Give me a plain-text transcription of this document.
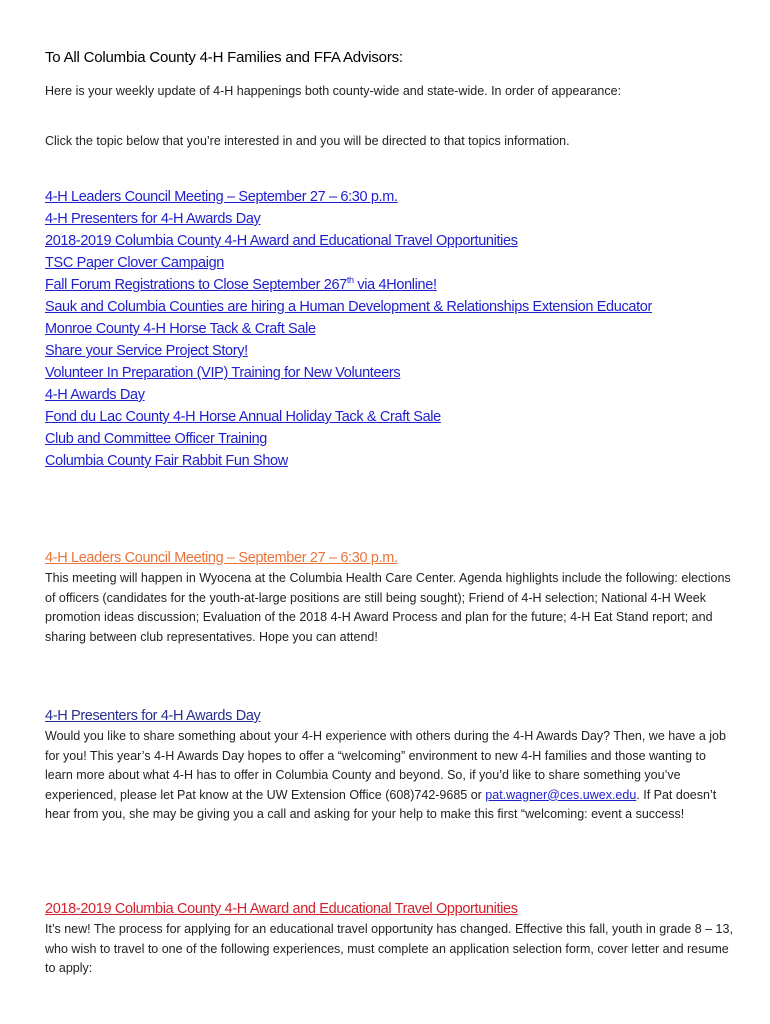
To All Columbia County 4-H Families and FFA Advisors:

Here is your weekly update of 4-H happenings both county-wide and state-wide. In order of appearance:

Click the topic below that you’re interested in and you will be directed to that topics information.

4-H Leaders Council Meeting – September 27 – 6:30 p.m.
4-H Presenters for 4-H Awards Day
2018-2019 Columbia County 4-H Award and Educational Travel Opportunities
TSC Paper Clover Campaign
Fall Forum Registrations to Close September 267th via 4Honline!
Sauk and Columbia Counties are hiring a Human Development & Relationships Extension Educator
Monroe County 4-H Horse Tack & Craft Sale
Share your Service Project Story!
Volunteer In Preparation (VIP) Training for New Volunteers
4-H Awards Day
Fond du Lac County 4-H Horse Annual Holiday Tack & Craft Sale
Club and Committee Officer Training
Columbia County Fair Rabbit Fun Show
4-H Leaders Council Meeting – September 27 – 6:30 p.m.

This meeting will happen in Wyocena at the Columbia Health Care Center. Agenda highlights include the following: elections of officers (candidates for the youth-at-large positions are still being sought); Friend of 4-H selection; National 4-H Week promotion ideas discussion; Evaluation of the 2018 4-H Award Process and plan for the future; 4-H Eat Stand report; and sharing between club representatives. Hope you can attend!

4-H Presenters for 4-H Awards Day

Would you like to share something about your 4-H experience with others during the 4-H Awards Day? Then, we have a job for you! This year’s 4-H Awards Day hopes to offer a “welcoming” environment to new 4-H families and those wanting to learn more about what 4-H has to offer in Columbia County and beyond. So, if you’d like to share something you’ve experienced, please let Pat know at the UW Extension Office (608)742-9685 or pat.wagner@ces.uwex.edu. If Pat doesn’t hear from you, she may be giving you a call and asking for your help to make this first “welcoming: event a success!

2018-2019 Columbia County 4-H Award and Educational Travel Opportunities

It’s new! The process for applying for an educational travel opportunity has changed. Effective this fall, youth in grade 8 – 13, who wish to travel to one of the following experiences, must complete an application selection form, cover letter and resume to apply:
